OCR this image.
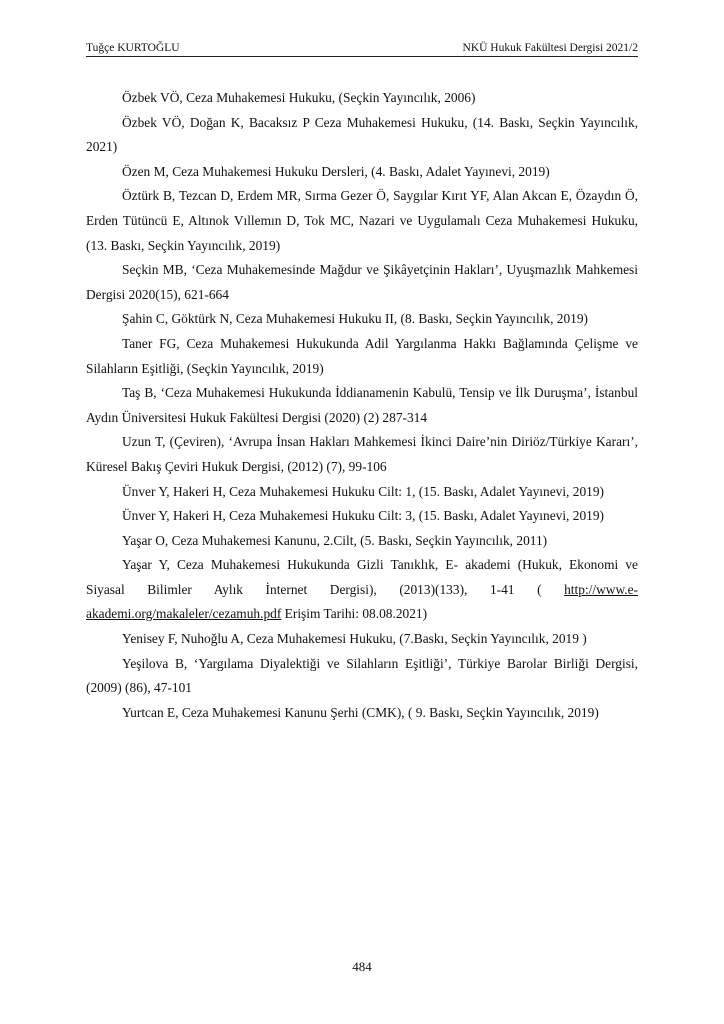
Tuğçe KURTOĞLU	NKÜ Hukuk Fakültesi Dergisi 2021/2

Özbek VÖ, Ceza Muhakemesi Hukuku, (Seçkin Yayıncılık, 2006)

Özbek VÖ, Doğan K, Bacaksız P Ceza Muhakemesi Hukuku, (14. Baskı, Seçkin Yayıncılık, 2021)

Özen M, Ceza Muhakemesi Hukuku Dersleri, (4. Baskı, Adalet Yayınevi, 2019)

Öztürk B, Tezcan D, Erdem MR, Sırma Gezer Ö, Saygılar Kırıt YF, Alan Akcan E, Özaydın Ö, Erden Tütüncü E, Altınok Vıllemın D, Tok MC, Nazari ve Uygulamalı Ceza Muhakemesi Hukuku, (13. Baskı, Seçkin Yayıncılık, 2019)

Seçkin MB, ‘Ceza Muhakemesinde Mağdur ve Şikâyetçinin Hakları’, Uyuşmazlık Mahkemesi Dergisi 2020(15), 621-664

Şahin C, Göktürk N, Ceza Muhakemesi Hukuku II, (8. Baskı, Seçkin Yayıncılık, 2019)

Taner FG, Ceza Muhakemesi Hukukunda Adil Yargılanma Hakkı Bağlamında Çelişme ve Silahların Eşitliği, (Seçkin Yayıncılık, 2019)

Taş B, ‘Ceza Muhakemesi Hukukunda İddianamenin Kabulü, Tensip ve İlk Duruşma’, İstanbul Aydın Üniversitesi Hukuk Fakültesi Dergisi (2020) (2) 287-314

Uzun T, (Çeviren), ‘Avrupa İnsan Hakları Mahkemesi İkinci Daire’nin Diriöz/Türkiye Kararı’, Küresel Bakış Çeviri Hukuk Dergisi, (2012) (7), 99-106

Ünver Y, Hakeri H, Ceza Muhakemesi Hukuku Cilt: 1, (15. Baskı, Adalet Yayınevi, 2019)

Ünver Y, Hakeri H, Ceza Muhakemesi Hukuku Cilt: 3, (15. Baskı, Adalet Yayınevi, 2019)

Yaşar O, Ceza Muhakemesi Kanunu, 2.Cilt, (5. Baskı, Seçkin Yayıncılık, 2011)

Yaşar Y, Ceza Muhakemesi Hukukunda Gizli Tanıklık, E- akademi (Hukuk, Ekonomi ve Siyasal Bilimler Aylık İnternet Dergisi), (2013)(133), 1-41 ( http://www.e-akademi.org/makaleler/cezamuh.pdf Erişim Tarihi: 08.08.2021)

Yenisey F, Nuhoğlu A, Ceza Muhakemesi Hukuku, (7.Baskı, Seçkin Yayıncılık, 2019 )

Yeşilova B, ‘Yargılama Diyalektiği ve Silahların Eşitliği’, Türkiye Barolar Birliği Dergisi, (2009) (86), 47-101

Yurtcan E, Ceza Muhakemesi Kanunu Şerhi (CMK), ( 9. Baskı, Seçkin Yayıncılık, 2019)

484
